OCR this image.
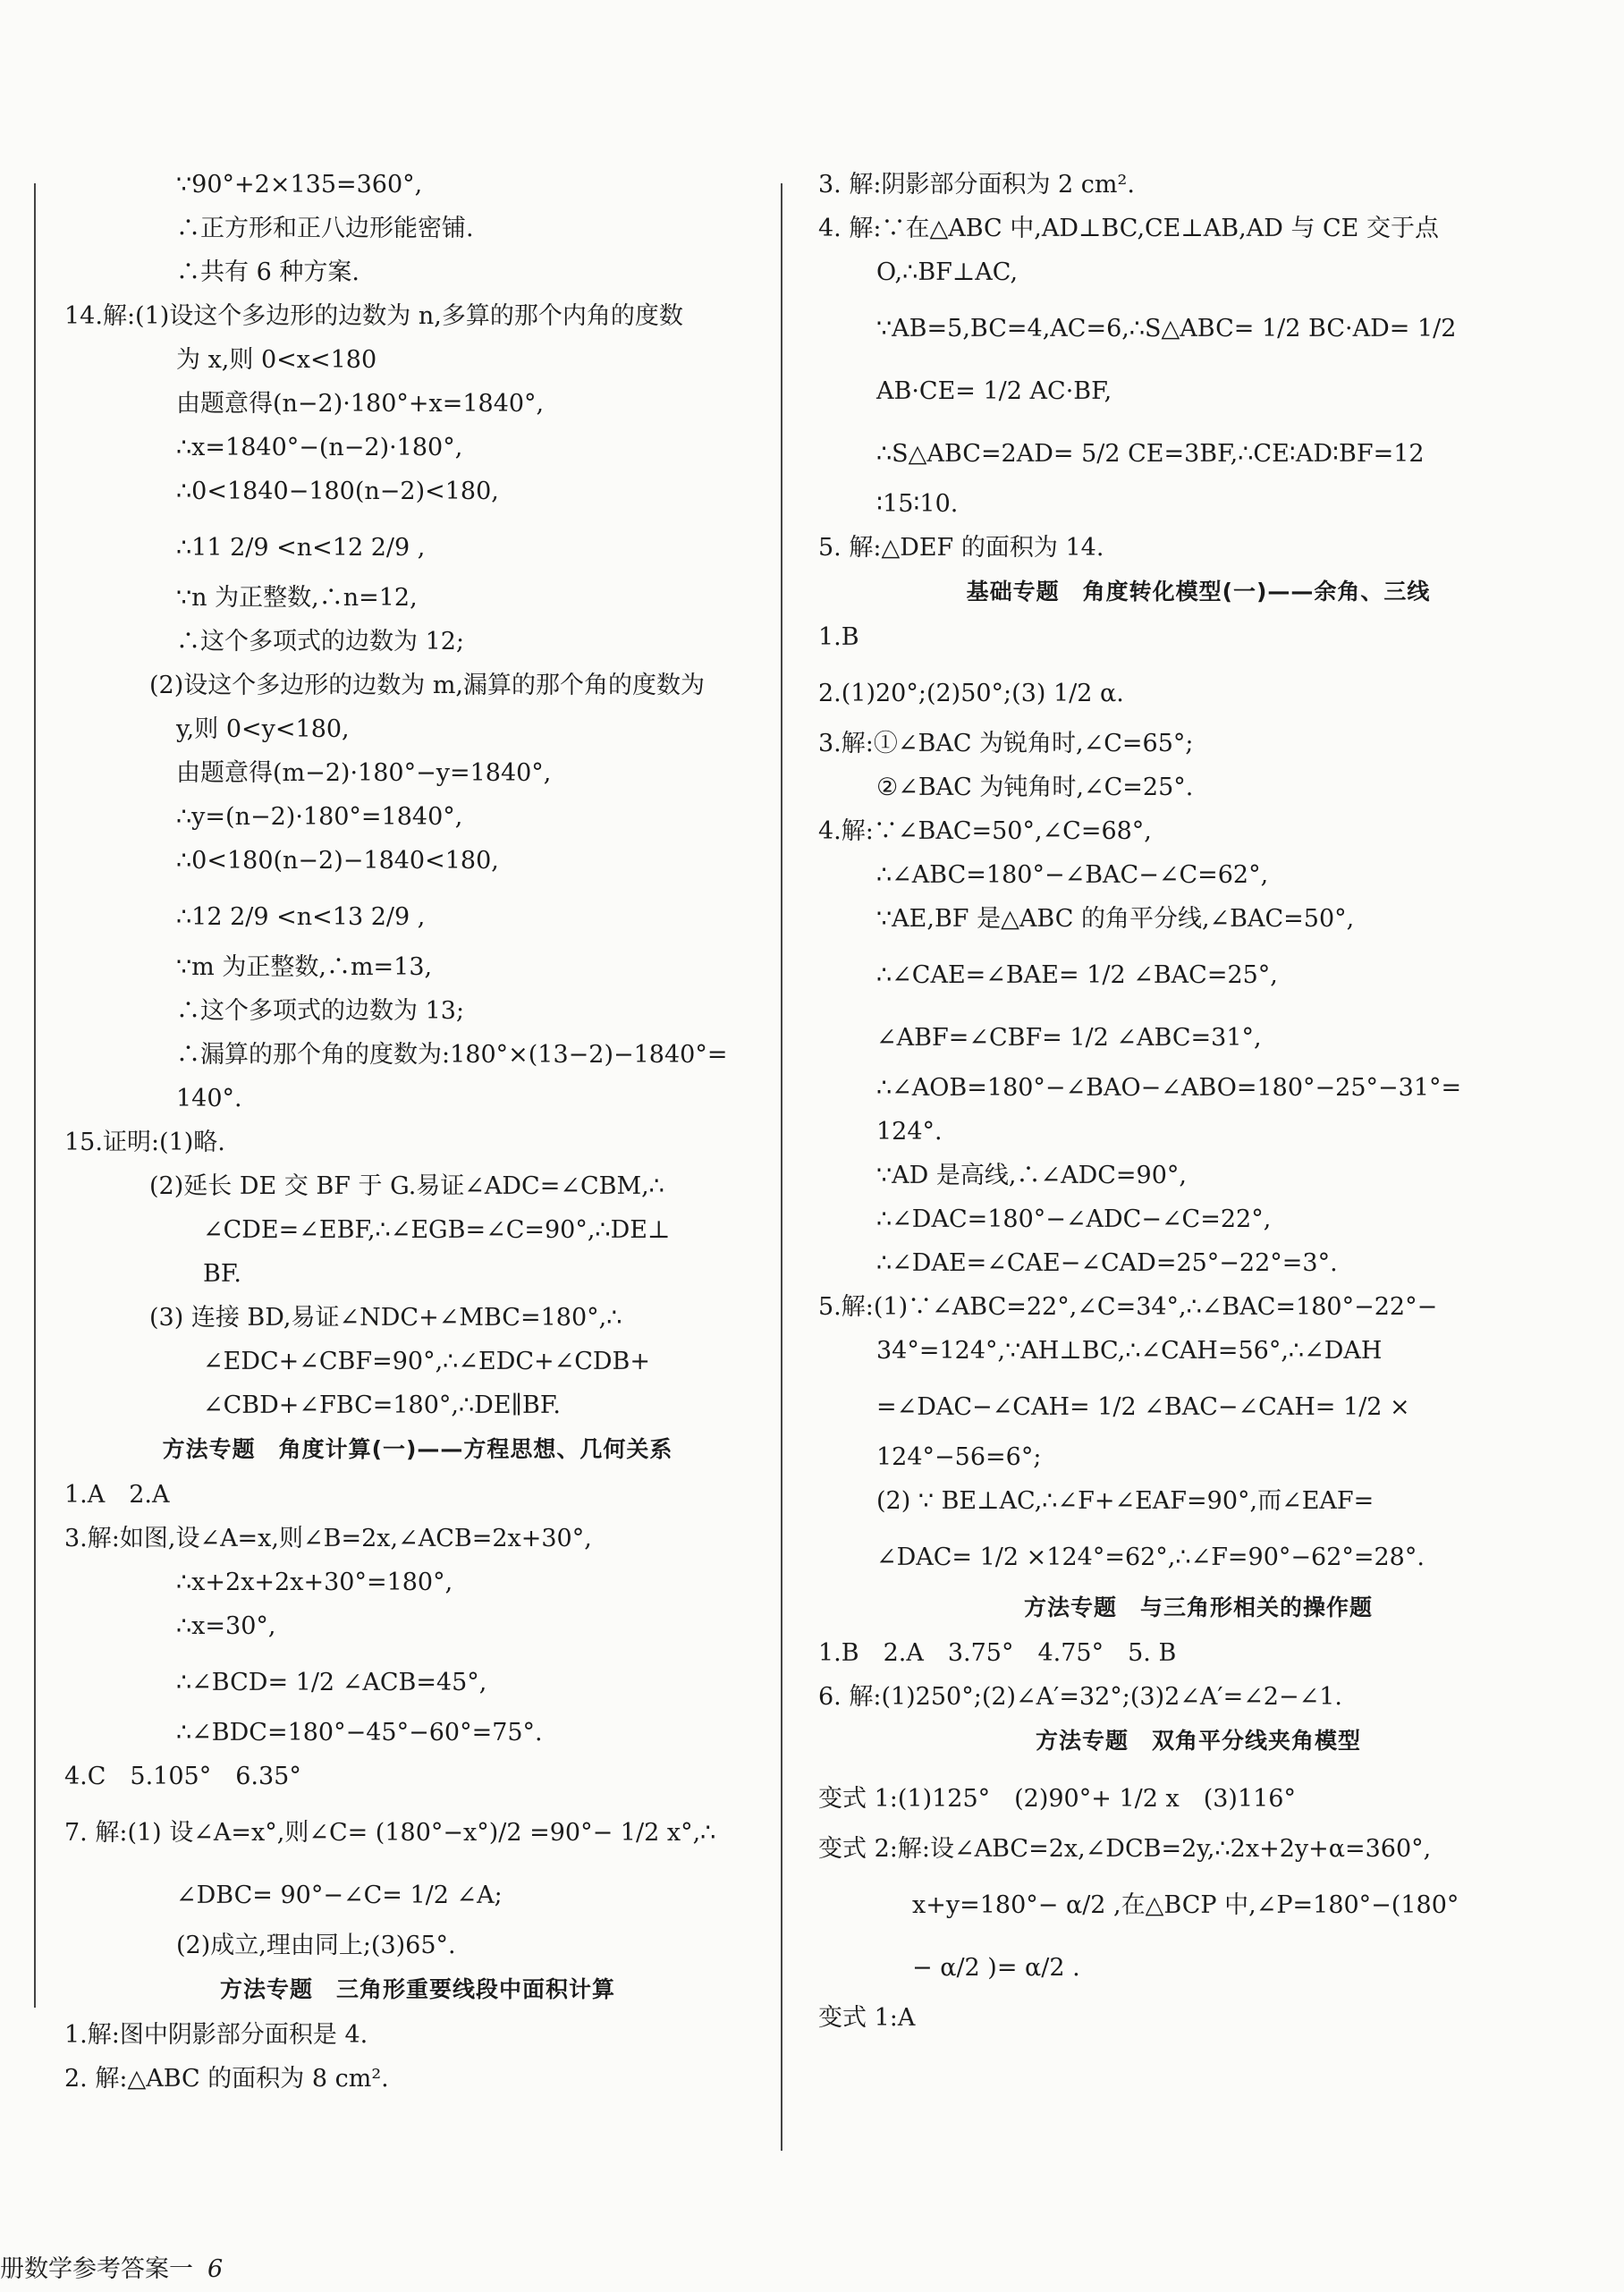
∵90°+2×135=360°,
∴正方形和正八边形能密铺.
∴共有 6 种方案.
14.解:(1)设这个多边形的边数为 n,多算的那个内角的度数
为 x,则 0<x<180
由题意得(n−2)·180°+x=1840°,
∴x=1840°−(n−2)·180°,
∴0<1840−180(n−2)<180,
∴11 2/9 <n<12 2/9 ,
∵n 为正整数,∴n=12,
∴这个多项式的边数为 12;
(2)设这个多边形的边数为 m,漏算的那个角的度数为
y,则 0<y<180,
由题意得(m−2)·180°−y=1840°,
∴y=(n−2)·180°=1840°,
∴0<180(n−2)−1840<180,
∴12 2/9 <n<13 2/9 ,
∵m 为正整数,∴m=13,
∴这个多项式的边数为 13;
∴漏算的那个角的度数为:180°×(13−2)−1840°=
140°.
15.证明:(1)略.
(2)延长 DE 交 BF 于 G.易证∠ADC=∠CBM,∴
∠CDE=∠EBF,∴∠EGB=∠C=90°,∴DE⊥
BF.
(3) 连接 BD,易证∠NDC+∠MBC=180°,∴
∠EDC+∠CBF=90°,∴∠EDC+∠CDB+
∠CBD+∠FBC=180°,∴DE∥BF.
方法专题　角度计算(一)——方程思想、几何关系
1.A　2.A
3.解:如图,设∠A=x,则∠B=2x,∠ACB=2x+30°,
∴x+2x+2x+30°=180°,
∴x=30°,
∴∠BCD= 1/2 ∠ACB=45°,
∴∠BDC=180°−45°−60°=75°.
4.C　5.105°　6.35°
7. 解:(1) 设∠A=x°,则∠C= (180°−x°)/2 =90°− 1/2 x°,∴
∠DBC= 90°−∠C= 1/2 ∠A;
(2)成立,理由同上;(3)65°.
方法专题　三角形重要线段中面积计算
1.解:图中阴影部分面积是 4.
2. 解:△ABC 的面积为 8 cm².
3. 解:阴影部分面积为 2 cm².
4. 解:∵在△ABC 中,AD⊥BC,CE⊥AB,AD 与 CE 交于点
O,∴BF⊥AC,
∵AB=5,BC=4,AC=6,∴S△ABC= 1/2 BC·AD= 1/2
AB·CE= 1/2 AC·BF,
∴S△ABC=2AD= 5/2 CE=3BF,∴CE∶AD∶BF=12
∶15∶10.
5. 解:△DEF 的面积为 14.
基础专题　角度转化模型(一)——余角、三线
1.B
2.(1)20°;(2)50°;(3) 1/2 α.
3.解:①∠BAC 为锐角时,∠C=65°;
②∠BAC 为钝角时,∠C=25°.
4.解:∵∠BAC=50°,∠C=68°,
∴∠ABC=180°−∠BAC−∠C=62°,
∵AE,BF 是△ABC 的角平分线,∠BAC=50°,
∴∠CAE=∠BAE= 1/2 ∠BAC=25°,
∠ABF=∠CBF= 1/2 ∠ABC=31°,
∴∠AOB=180°−∠BAO−∠ABO=180°−25°−31°=
124°.
∵AD 是高线,∴∠ADC=90°,
∴∠DAC=180°−∠ADC−∠C=22°,
∴∠DAE=∠CAE−∠CAD=25°−22°=3°.
5.解:(1)∵∠ABC=22°,∠C=34°,∴∠BAC=180°−22°−
34°=124°,∵AH⊥BC,∴∠CAH=56°,∴∠DAH
=∠DAC−∠CAH= 1/2 ∠BAC−∠CAH= 1/2 ×
124°−56=6°;
(2) ∵ BE⊥AC,∴∠F+∠EAF=90°,而∠EAF=
∠DAC= 1/2 ×124°=62°,∴∠F=90°−62°=28°.
方法专题　与三角形相关的操作题
1.B　2.A　3.75°　4.75°　5. B
6. 解:(1)250°;(2)∠A′=32°;(3)2∠A′=∠2−∠1.
方法专题　双角平分线夹角模型
变式 1:(1)125°　(2)90°+ 1/2 x　(3)116°
变式 2:解:设∠ABC=2x,∠DCB=2y,∴2x+2y+α=360°,
x+y=180°− α/2 ,在△BCP 中,∠P=180°−(180°
− α/2 )= α/2 .
变式 1:A
册数学参考答案一 6
